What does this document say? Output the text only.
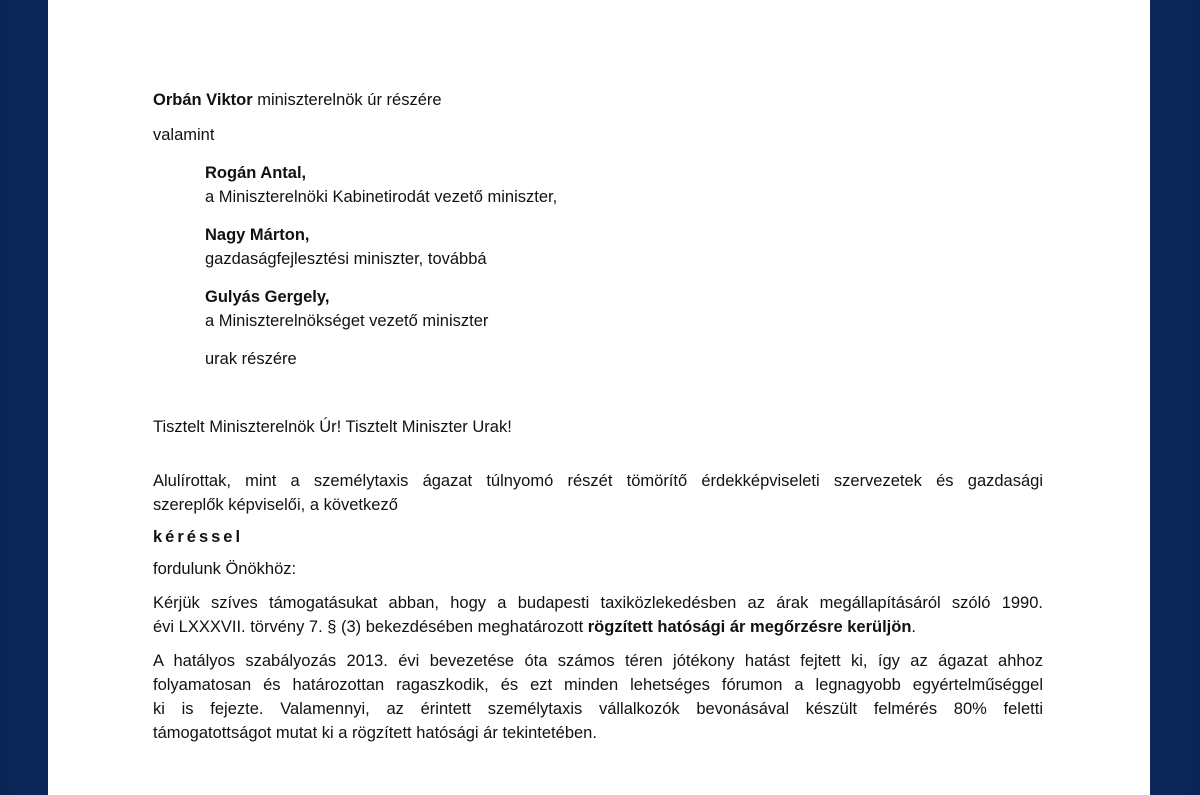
Orbán Viktor miniszterelnök úr részére

valamint

Rogán Antal,

a Miniszterelnöki Kabinetirodát vezető miniszter,

Nagy Márton,

gazdaságfejlesztési miniszter, továbbá

Gulyás Gergely,

a Miniszterelnökséget vezető miniszter

urak részére

Tisztelt Miniszterelnök Úr! Tisztelt Miniszter Urak!

Alulírottak, mint a személytaxis ágazat túlnyomó részét tömörítő érdekképviseleti szervezetek és gazdasági

szereplők képviselői, a következő

kéréssel

fordulunk Önökhöz:

Kérjük szíves támogatásukat abban, hogy a budapesti taxiközlekedésben az árak megállapításáról szóló 1990.

évi LXXXVII. törvény 7. § (3) bekezdésében meghatározott rögzített hatósági ár megőrzésre kerüljön.

A hatályos szabályozás 2013. évi bevezetése óta számos téren jótékony hatást fejtett ki, így az ágazat ahhoz

folyamatosan és határozottan ragaszkodik, és ezt minden lehetséges fórumon a legnagyobb egyértelműséggel

ki is fejezte. Valamennyi, az érintett személytaxis vállalkozók bevonásával készült felmérés 80% feletti

támogatottságot mutat ki a rögzített hatósági ár tekintetében.
